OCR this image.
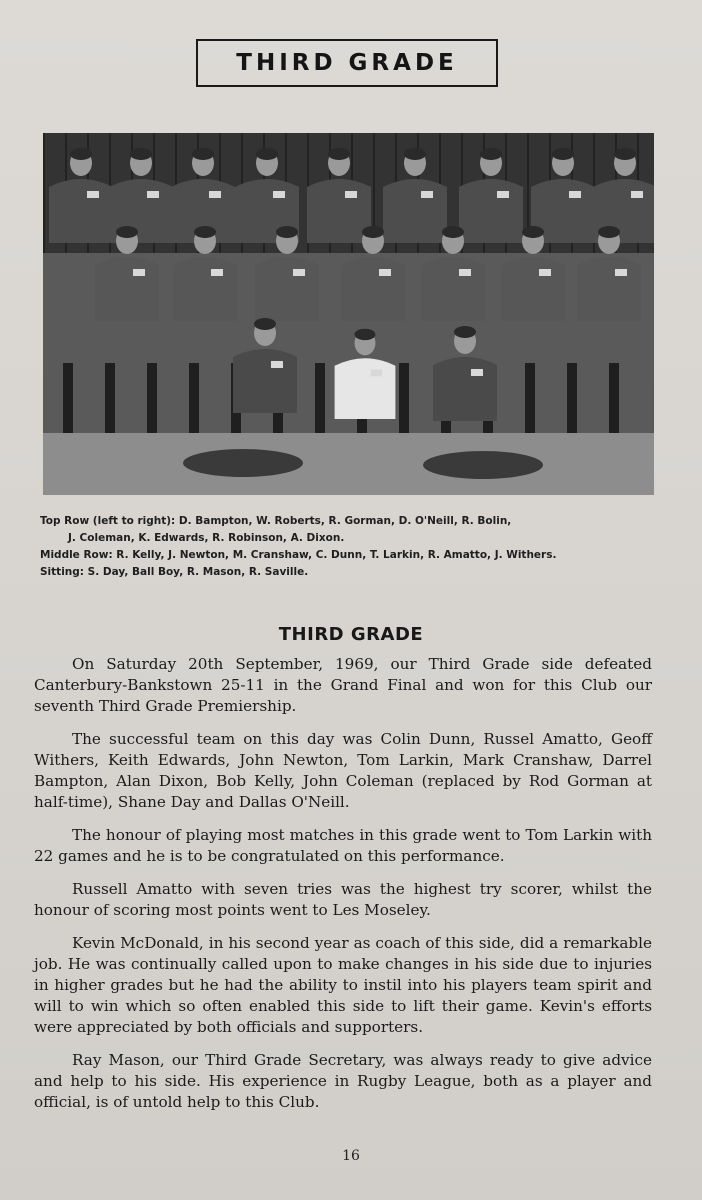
THIRD GRADE

Top Row (left to right): D. Bampton, W. Roberts, R. Gorman, D. O'Neill, R. Bolin,

J. Coleman, K. Edwards, R. Robinson, A. Dixon.

Middle Row: R. Kelly, J. Newton, M. Cranshaw, C. Dunn, T. Larkin, R. Amatto, J. Withers.

Sitting: S. Day, Ball Boy, R. Mason, R. Saville.

THIRD GRADE

On Saturday 20th September, 1969, our Third Grade side defeated Canterbury-Bankstown 25-11 in the Grand Final and won for this Club our seventh Third Grade Premiership.

The successful team on this day was Colin Dunn, Russel Amatto, Geoff Withers, Keith Edwards, John Newton, Tom Larkin, Mark Cranshaw, Darrel Bampton, Alan Dixon, Bob Kelly, John Coleman (replaced by Rod Gorman at half-time), Shane Day and Dallas O'Neill.

The honour of playing most matches in this grade went to Tom Larkin with 22 games and he is to be congratulated on this performance.

Russell Amatto with seven tries was the highest try scorer, whilst the honour of scoring most points went to Les Moseley.

Kevin McDonald, in his second year as coach of this side, did a remarkable job. He was continually called upon to make changes in his side due to injuries in higher grades but he had the ability to instil into his players team spirit and will to win which so often enabled this side to lift their game. Kevin's efforts were appreciated by both officials and supporters.

Ray Mason, our Third Grade Secretary, was always ready to give advice and help to his side. His experience in Rugby League, both as a player and official, is of untold help to this Club.

16
